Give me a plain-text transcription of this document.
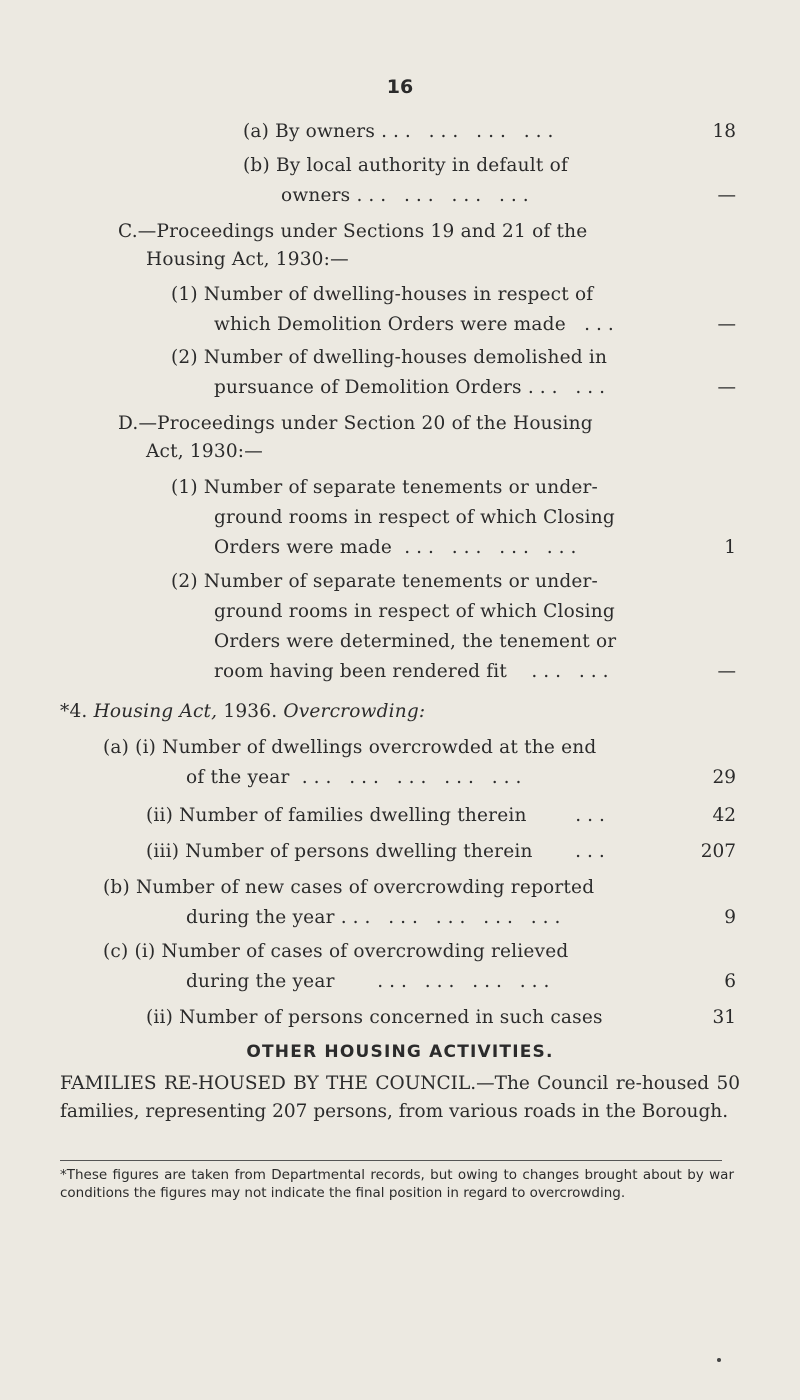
16
(a) By owners ... ... ... ...	18
(b) By local authority in default of
owners ... ... ... ...	—
C.—Proceedings under Sections 19 and 21 of the
Housing Act, 1930:—
(1) Number of dwelling-houses in respect of
which Demolition Orders were made ...	—
(2) Number of dwelling-houses demolished in
pursuance of Demolition Orders ... ...	—
D.—Proceedings under Section 20 of the Housing
Act, 1930:—
(1) Number of separate tenements or under-
ground rooms in respect of which Closing
Orders were made ... ... ... ...	1
(2) Number of separate tenements or under-
ground rooms in respect of which Closing
Orders were determined, the tenement or
room having been rendered fit ... ...	—
*4. Housing Act, 1936. Overcrowding:
(a) (i) Number of dwellings overcrowded at the end
of the year ... ... ... ... ...	29
(ii) Number of families dwelling therein	...	42
(iii) Number of persons dwelling therein ...	207
(b) Number of new cases of overcrowding reported
during the year ... ... ... ... ...	9
(c) (i) Number of cases of overcrowding relieved
during the year ... ... ... ...	6
(ii) Number of persons concerned in such cases	31
OTHER HOUSING ACTIVITIES.
FAMILIES RE-HOUSED BY THE COUNCIL.—The Council re-housed 50 families, representing 207 persons, from various roads in the Borough.
*These figures are taken from Departmental records, but owing to changes brought about by war conditions the figures may not indicate the final position in regard to overcrowding.
